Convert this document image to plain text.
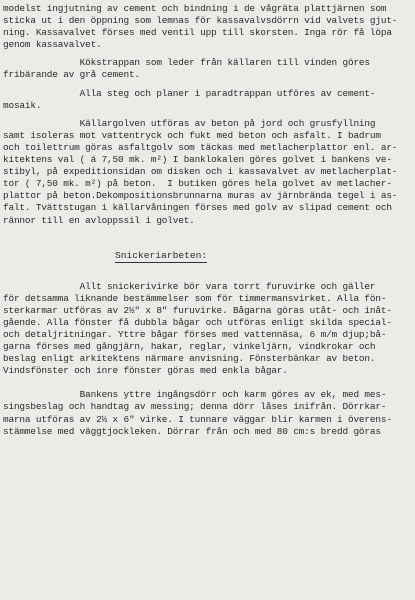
modelst ingjutning av cement och bindning i de vågräta plattjärnen som
sticka ut i den öppning som lemnas för kassavalvsdörrn vid valvets gjut-
ning. Kassavalvet förses med ventil upp till skorsten. Inga rör få löpa
genom kassavalvet.
Kökstrappan som leder från källaren till vinden göres
fribärande av grå cement.
Alla steg och planer i paradtrappan utföres av cement-
mosaik.
Källargolven utföras av beton på jord och grusfyllning
samt isoleras mot vattentryck och fukt med beton och asfalt. I badrum
och toilettrum göras asfaltgolv som täckas med metlacherplattor enl. ar-
kitektens val ( á 7,50 mk. m²) I banklokalen göres golvet i bankens ve-
stibyl, på expeditionsidan om disken och i kassavalvet av metlacherplat-
tor ( 7,50 mk. m²) på beton.  I butiken göres hela golvet av metlacher-
plattor på beton.Dekompositionsbrunnarna muras av järnbrända tegel i as-
falt. Tvättstugan i källarvåningen förses med golv av slipad cement och
rännor till en avloppssil i golvet.
Snickeriarbeten:
Allt snickerivirke bör vara torrt furuvirke och gäller
för detsamma liknande bestämmelser som för timmermansvirket. Alla fön-
sterkarmar utföras av 2½" x 8" furuvirke. Bågarna göras utåt- och inåt-
gående. Alla fönster få dubbla bågar och utföras enligt skilda special-
och detaljritningar. Yttre bågar förses med vattennäsa, 6 m/m djup;bå-
garna förses med gångjärn, hakar, reglar, vinkeljärn, vindkrokar och
beslag enligt arkitektens närmare anvisning. Fönsterbänkar av beton.
Vindsfönster och inre fönster göras med enkla bågar.
Bankens yttre ingångsdörr och karm göres av ek, med mes-
singsbeslag och handtag av messing; denna dörr låses inifrån. Dörrkar-
marna utföras av 2½ x 6" virke. I tunnare väggar blir karmen i överens-
stämmelse med väggtjockleken. Dörrar från och med 80 cm:s bredd göras
